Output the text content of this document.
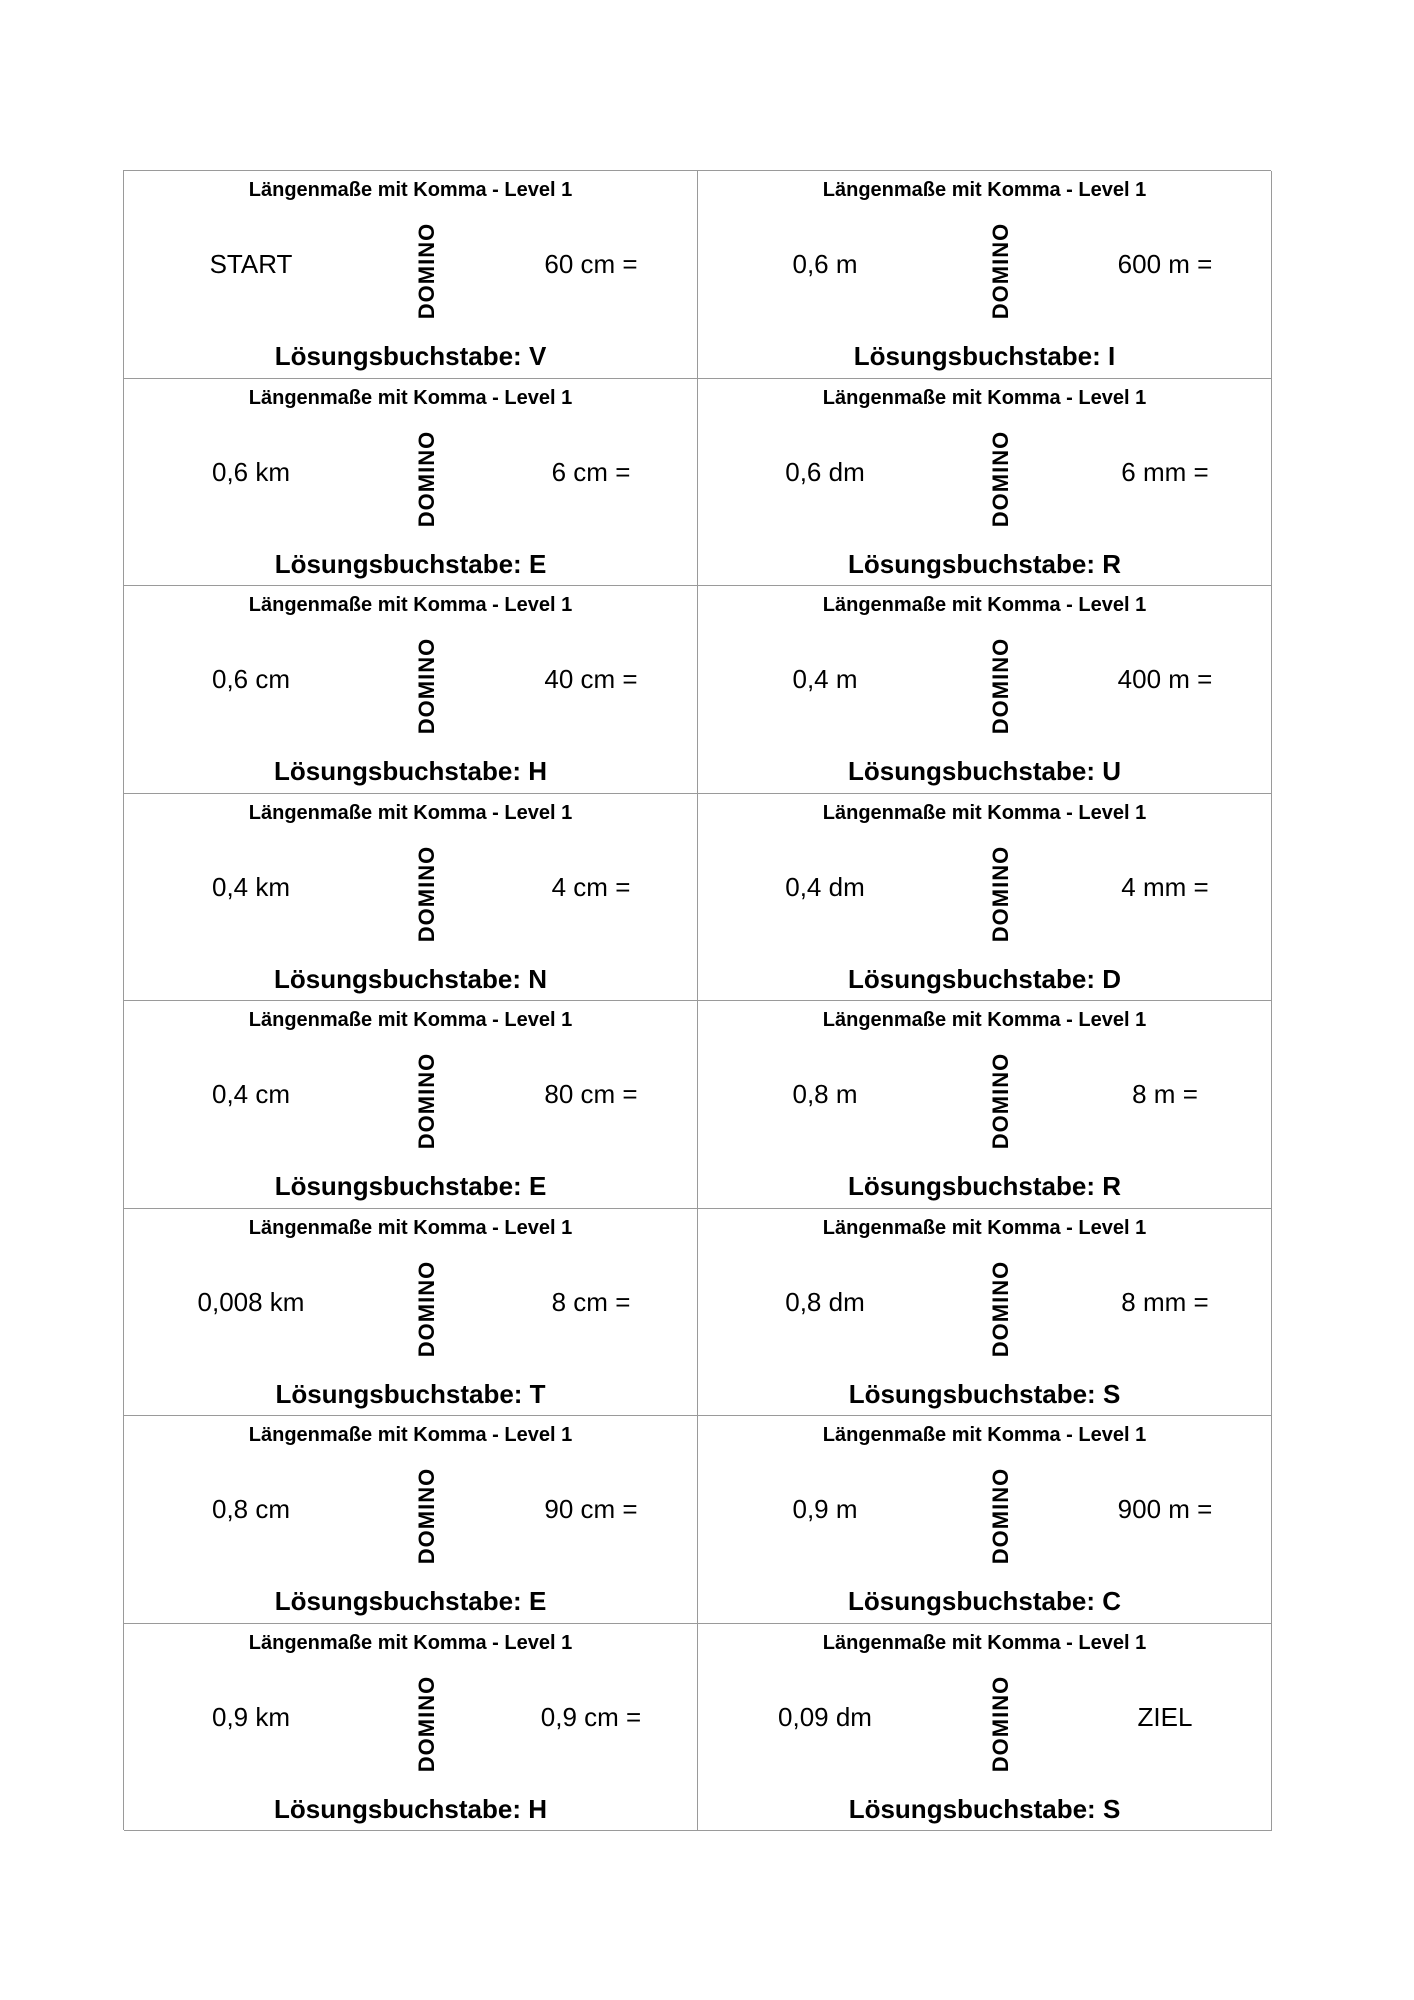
Längenmaße mit Komma - Level 1
START	DOMINO	60 cm =
Lösungsbuchstabe: V
Längenmaße mit Komma - Level 1
0,6 m	DOMINO	600 m =
Lösungsbuchstabe: I
Längenmaße mit Komma - Level 1
0,6 km	DOMINO	6 cm =
Lösungsbuchstabe: E
Längenmaße mit Komma - Level 1
0,6 dm	DOMINO	6 mm =
Lösungsbuchstabe: R
Längenmaße mit Komma - Level 1
0,6 cm	DOMINO	40 cm =
Lösungsbuchstabe: H
Längenmaße mit Komma - Level 1
0,4 m	DOMINO	400 m =
Lösungsbuchstabe: U
Längenmaße mit Komma - Level 1
0,4 km	DOMINO	4 cm =
Lösungsbuchstabe: N
Längenmaße mit Komma - Level 1
0,4 dm	DOMINO	4 mm =
Lösungsbuchstabe: D
Längenmaße mit Komma - Level 1
0,4 cm	DOMINO	80 cm =
Lösungsbuchstabe: E
Längenmaße mit Komma - Level 1
0,8 m	DOMINO	8 m =
Lösungsbuchstabe: R
Längenmaße mit Komma - Level 1
0,008 km	DOMINO	8 cm =
Lösungsbuchstabe: T
Längenmaße mit Komma - Level 1
0,8 dm	DOMINO	8 mm =
Lösungsbuchstabe: S
Längenmaße mit Komma - Level 1
0,8 cm	DOMINO	90 cm =
Lösungsbuchstabe: E
Längenmaße mit Komma - Level 1
0,9 m	DOMINO	900 m =
Lösungsbuchstabe: C
Längenmaße mit Komma - Level 1
0,9 km	DOMINO	0,9 cm =
Lösungsbuchstabe: H
Längenmaße mit Komma - Level 1
0,09 dm	DOMINO	ZIEL
Lösungsbuchstabe: S
